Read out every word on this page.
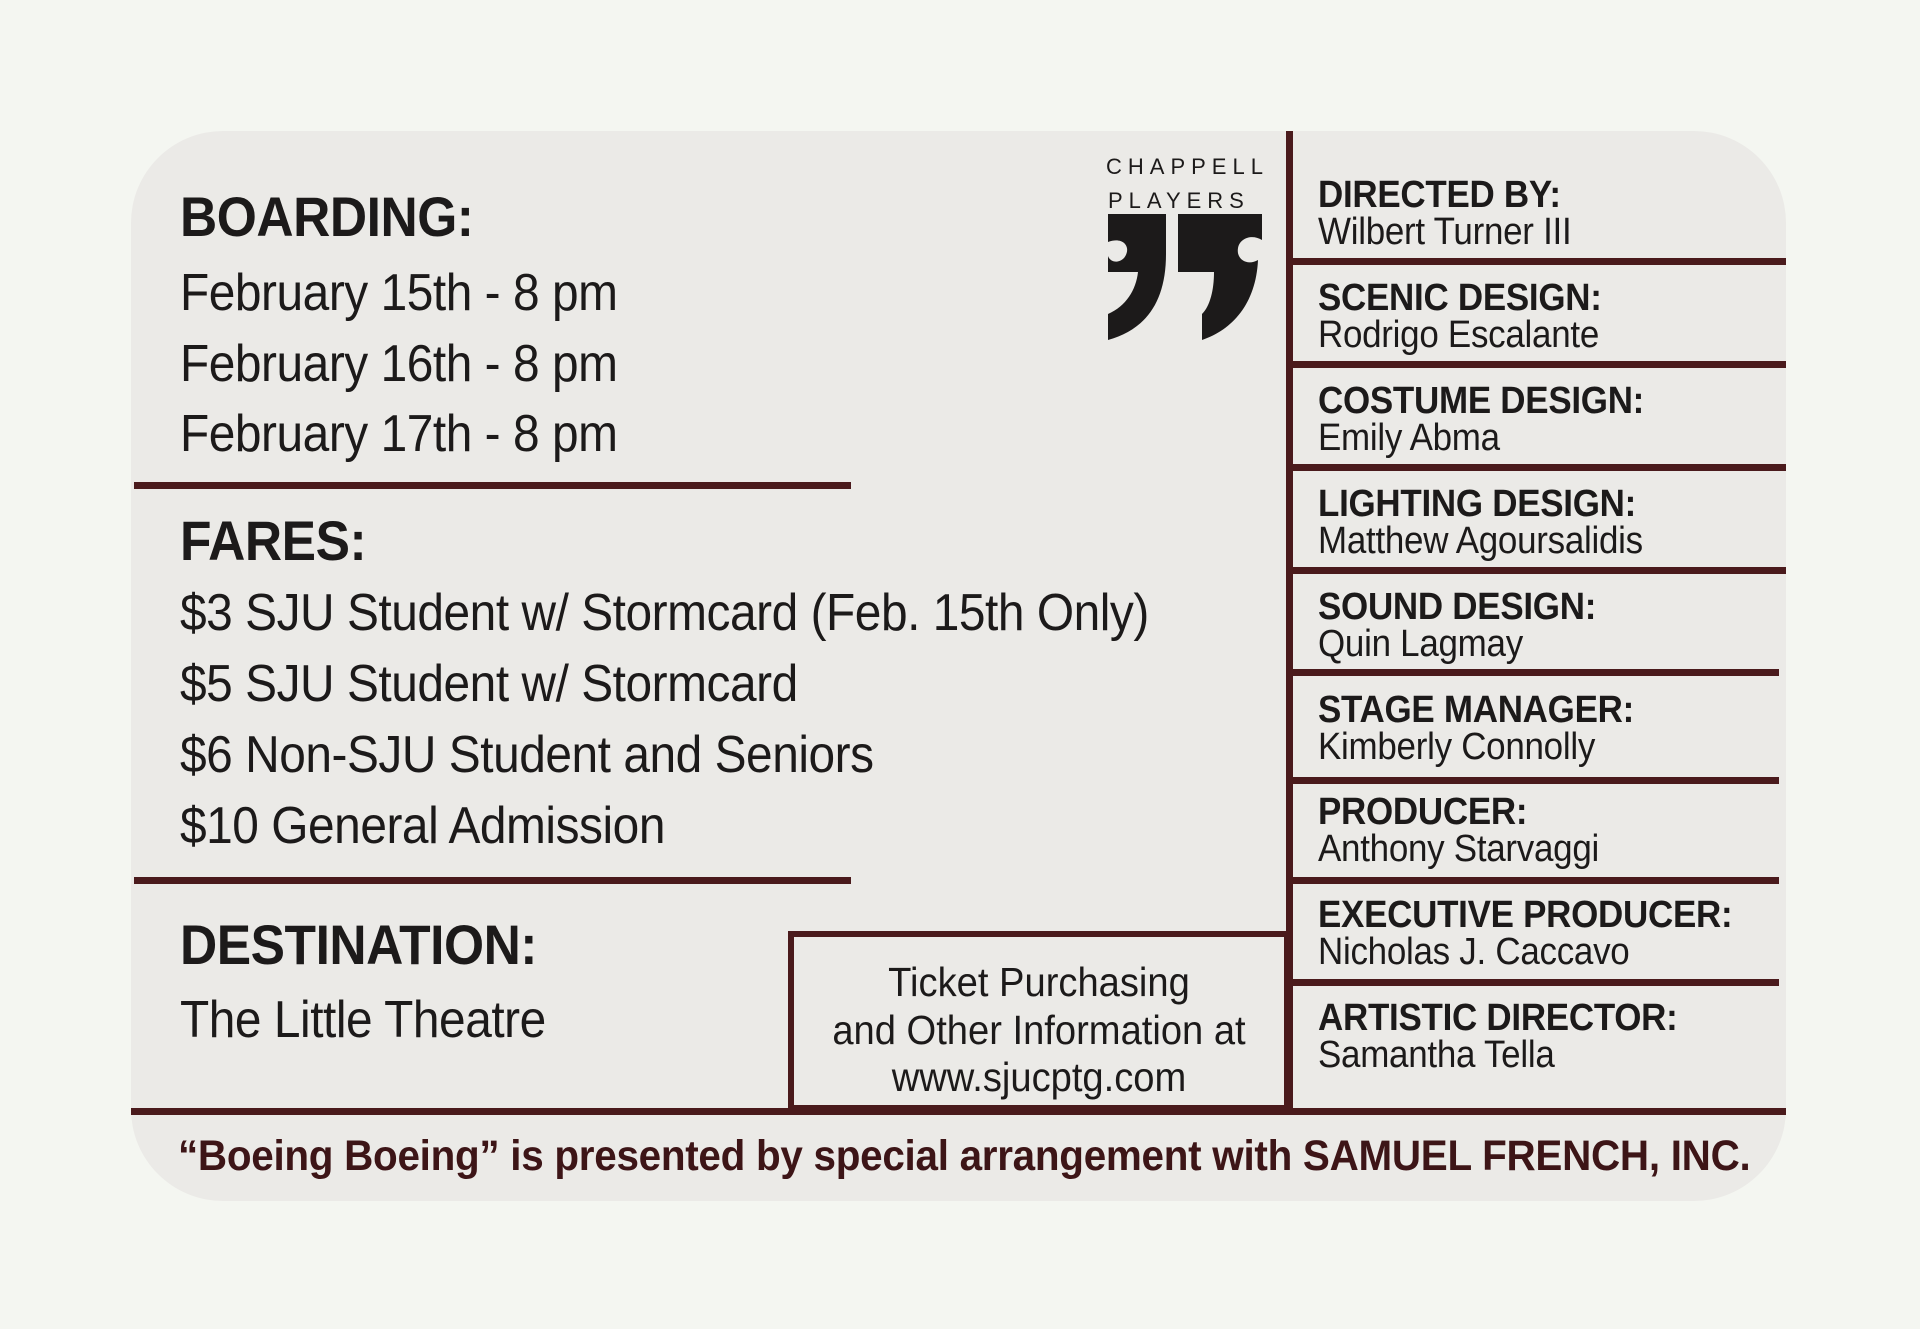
BOARDING:
February 15th - 8 pm
February 16th - 8 pm
February 17th - 8 pm
FARES:
$3 SJU Student w/ Stormcard (Feb. 15th Only)
$5 SJU Student w/ Stormcard
$6 Non-SJU Student and Seniors
$10 General Admission
DESTINATION:
The Little Theatre
Ticket Purchasing
and Other Information at
www.sjucptg.com
CHAPPELL
PLAYERS DIRECTED BY:
Wilbert Turner III
SCENIC DESIGN:
Rodrigo Escalante
COSTUME DESIGN:
Emily Abma
LIGHTING DESIGN:
Matthew Agoursalidis
SOUND DESIGN:
Quin Lagmay
STAGE MANAGER:
Kimberly Connolly
PRODUCER:
Anthony Starvaggi
EXECUTIVE PRODUCER:
Nicholas J. Caccavo
ARTISTIC DIRECTOR:
Samantha Tella
“Boeing Boeing” is presented by special arrangement with SAMUEL FRENCH, INC.
